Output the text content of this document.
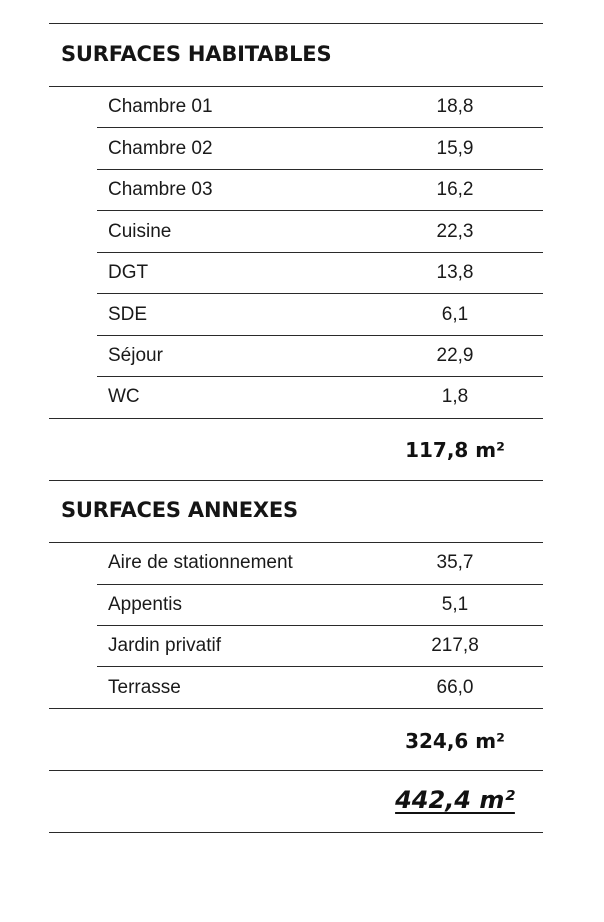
SURFACES HABITABLES
Chambre 01	18,8
Chambre 02	15,9
Chambre 03	16,2
Cuisine	22,3
DGT	13,8
SDE	6,1
Séjour	22,9
WC	1,8
117,8 m²
SURFACES ANNEXES
Aire de stationnement	35,7
Appentis	5,1
Jardin privatif	217,8
Terrasse	66,0
324,6 m²
442,4 m²
